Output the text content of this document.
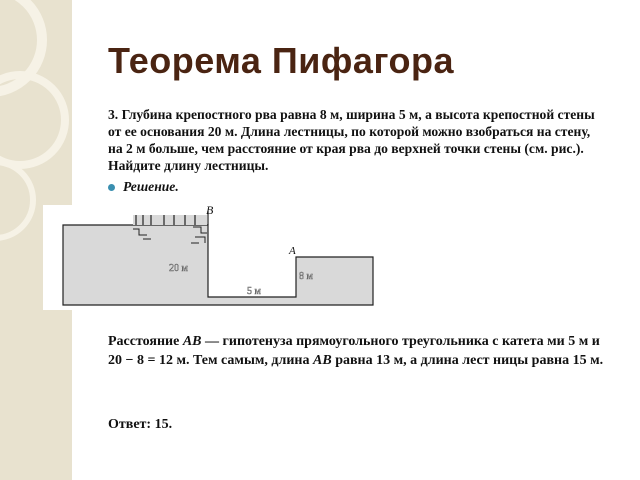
Теорема Пифагора
3. Глубина крепостного рва равна 8 м, ширина 5 м, а высота крепостной стены от ее основания 20 м. Длина лестницы, по которой можно взобраться на стену, на 2 м больше, чем расстояние от края рва до верхней точки стены (см. рис.). Найдите длину лестницы.
Решение.
B
A
20 м
8 м
5 м
Расстояние AB — гипотенуза прямоугольного треугольника с катета ми 5 м и 20 − 8 = 12 м. Тем самым, длина AB равна 13 м, а длина лест ницы равна 15 м.
Ответ: 15.
